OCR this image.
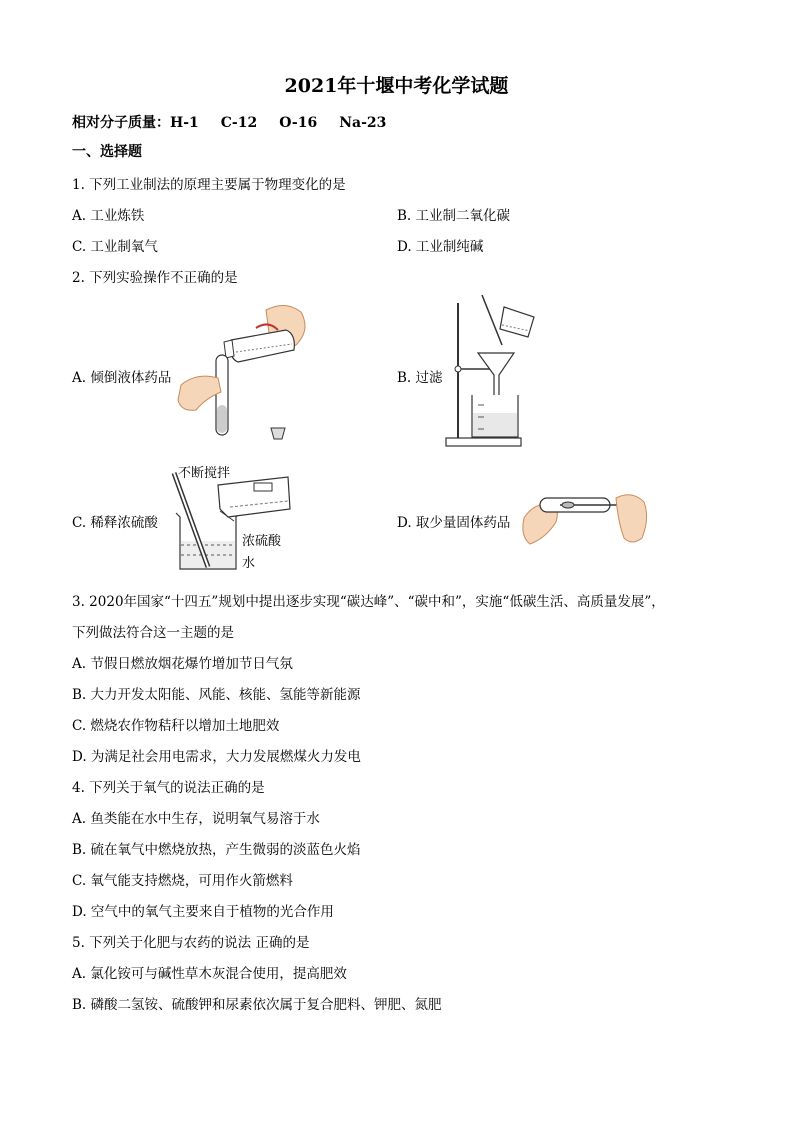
2021年十堰中考化学试题
相对分子质量：H-1 C-12 O-16 Na-23
一、选择题
1. 下列工业制法的原理主要属于物理变化的是
A. 工业炼铁	B. 工业制二氧化碳
C. 工业制氧气	D. 工业制纯碱
2. 下列实验操作不正确的是
A. 倾倒液体药品	B. 过滤
C. 稀释浓硫酸	D. 取少量固体药品
不断搅拌
浓硫酸
水
3. 2020年国家“十四五”规划中提出逐步实现“碳达峰”、“碳中和”，实施“低碳生活、高质量发展”，
下列做法符合这一主题的是
A. 节假日燃放烟花爆竹增加节日气氛
B. 大力开发太阳能、风能、核能、氢能等新能源
C. 燃烧农作物秸秆以增加土地肥效
D. 为满足社会用电需求，大力发展燃煤火力发电
4. 下列关于氧气的说法正确的是
A. 鱼类能在水中生存，说明氧气易溶于水
B. 硫在氧气中燃烧放热，产生微弱的淡蓝色火焰
C. 氧气能支持燃烧，可用作火箭燃料
D. 空气中的氧气主要来自于植物的光合作用
5. 下列关于化肥与农药的说法 正确的是
A. 氯化铵可与碱性草木灰混合使用，提高肥效
B. 磷酸二氢铵、硫酸钾和尿素依次属于复合肥料、钾肥、氮肥
